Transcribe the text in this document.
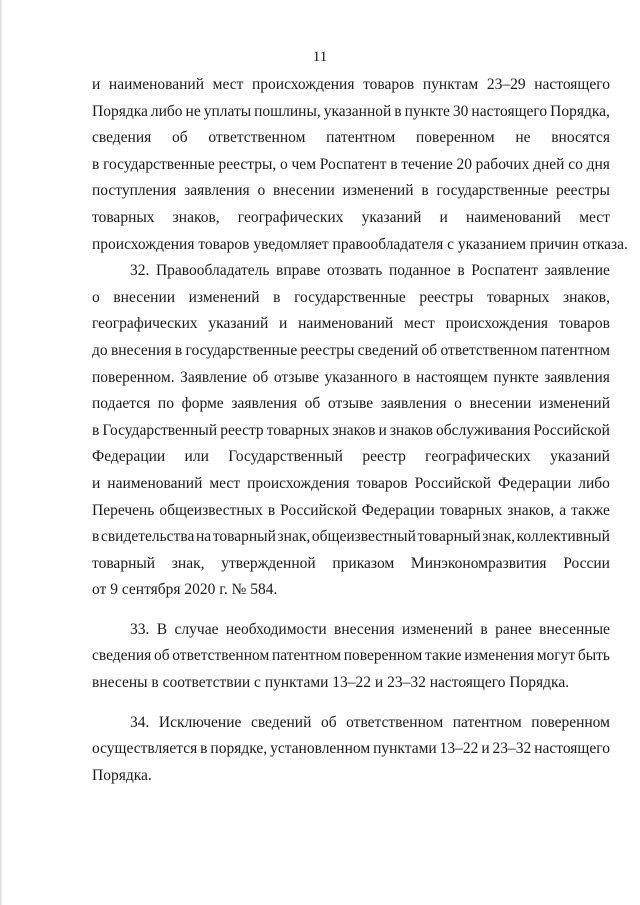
11
и наименований мест происхождения товаров пунктам 23–29 настоящего
Порядка либо не уплаты пошлины, указанной в пункте 30 настоящего Порядка,
сведения об ответственном патентном поверенном не вносятся
в государственные реестры, о чем Роспатент в течение 20 рабочих дней со дня
поступления заявления о внесении изменений в государственные реестры
товарных знаков, географических указаний и наименований мест
происхождения товаров уведомляет правообладателя с указанием причин отказа.
32. Правообладатель вправе отозвать поданное в Роспатент заявление
о внесении изменений в государственные реестры товарных знаков,
географических указаний и наименований мест происхождения товаров
до внесения в государственные реестры сведений об ответственном патентном
поверенном. Заявление об отзыве указанного в настоящем пункте заявления
подается по форме заявления об отзыве заявления о внесении изменений
в Государственный реестр товарных знаков и знаков обслуживания Российской
Федерации или Государственный реестр географических указаний
и наименований мест происхождения товаров Российской Федерации либо
Перечень общеизвестных в Российской Федерации товарных знаков, а также
в свидетельства на товарный знак, общеизвестный товарный знак, коллективный
товарный знак, утвержденной приказом Минэкономразвития России
от 9 сентября 2020 г. № 584.
33. В случае необходимости внесения изменений в ранее внесенные
сведения об ответственном патентном поверенном такие изменения могут быть
внесены в соответствии с пунктами 13–22 и 23–32 настоящего Порядка.
34. Исключение сведений об ответственном патентном поверенном
осуществляется в порядке, установленном пунктами 13–22 и 23–32 настоящего
Порядка.
